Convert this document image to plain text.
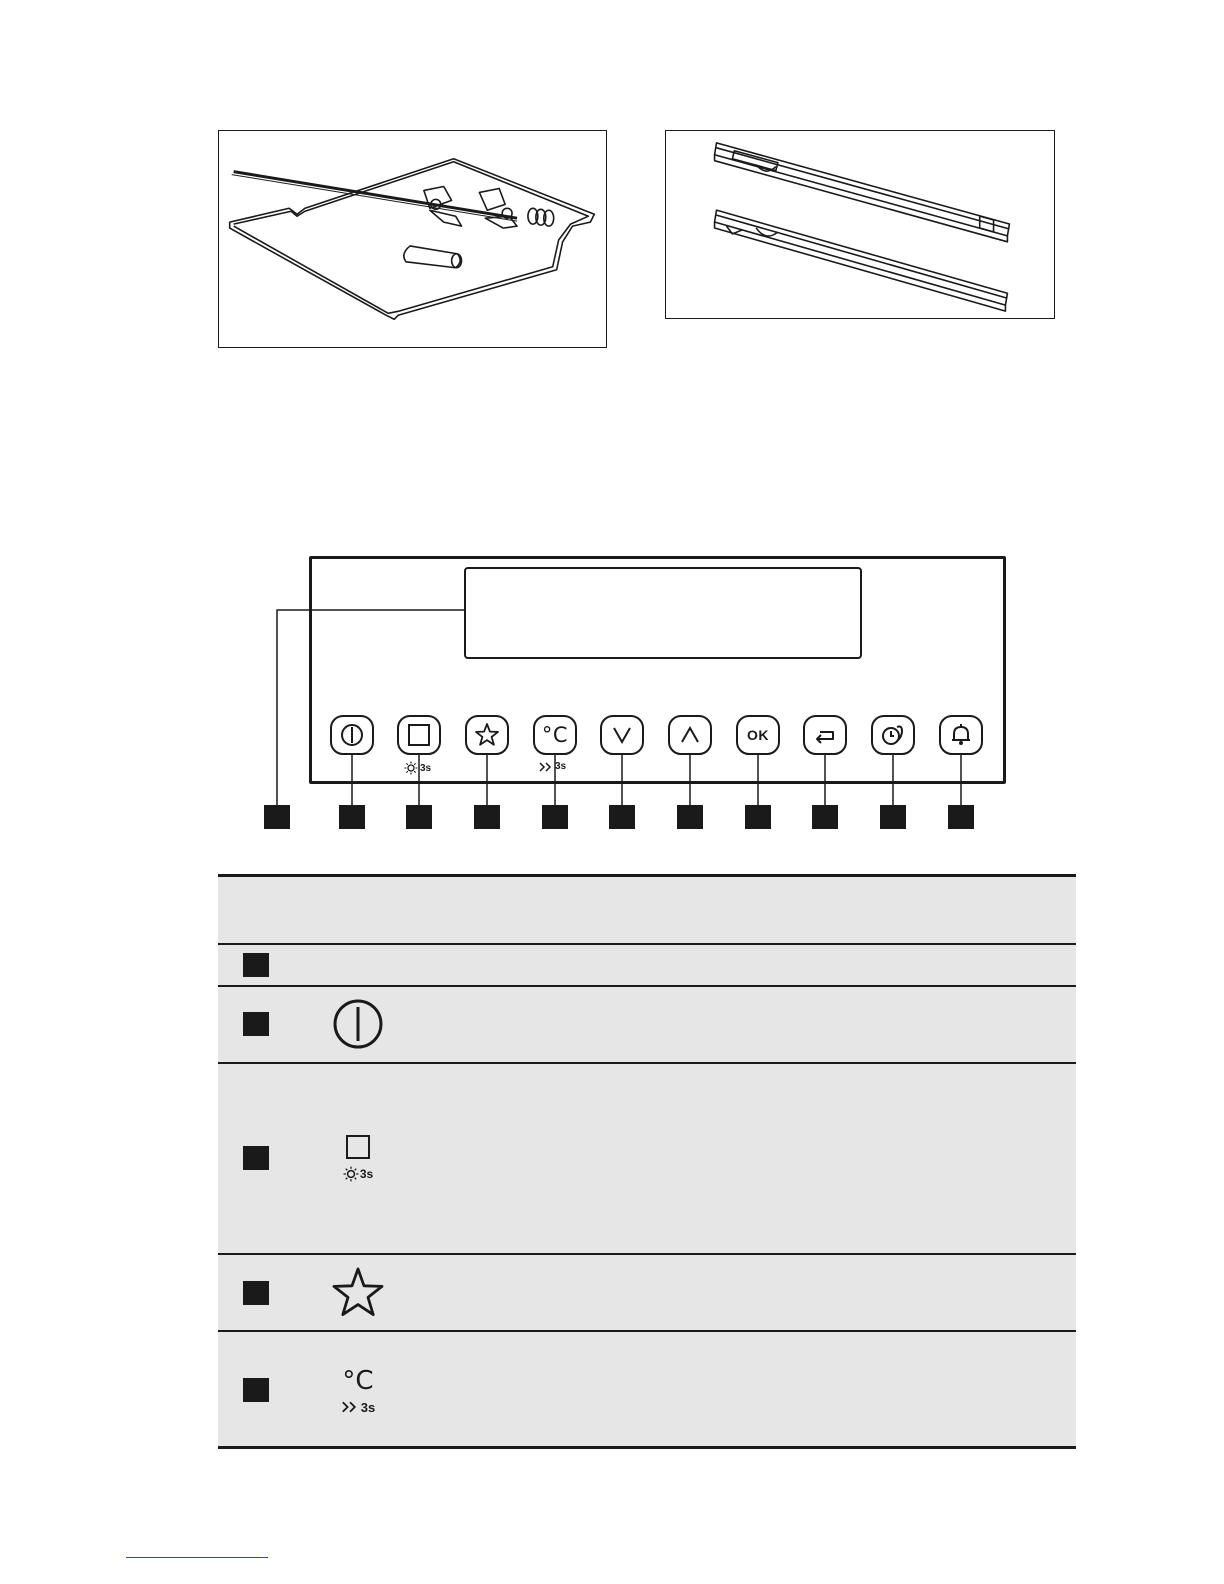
°C	OK
3s	3s
3s
°C
3s
